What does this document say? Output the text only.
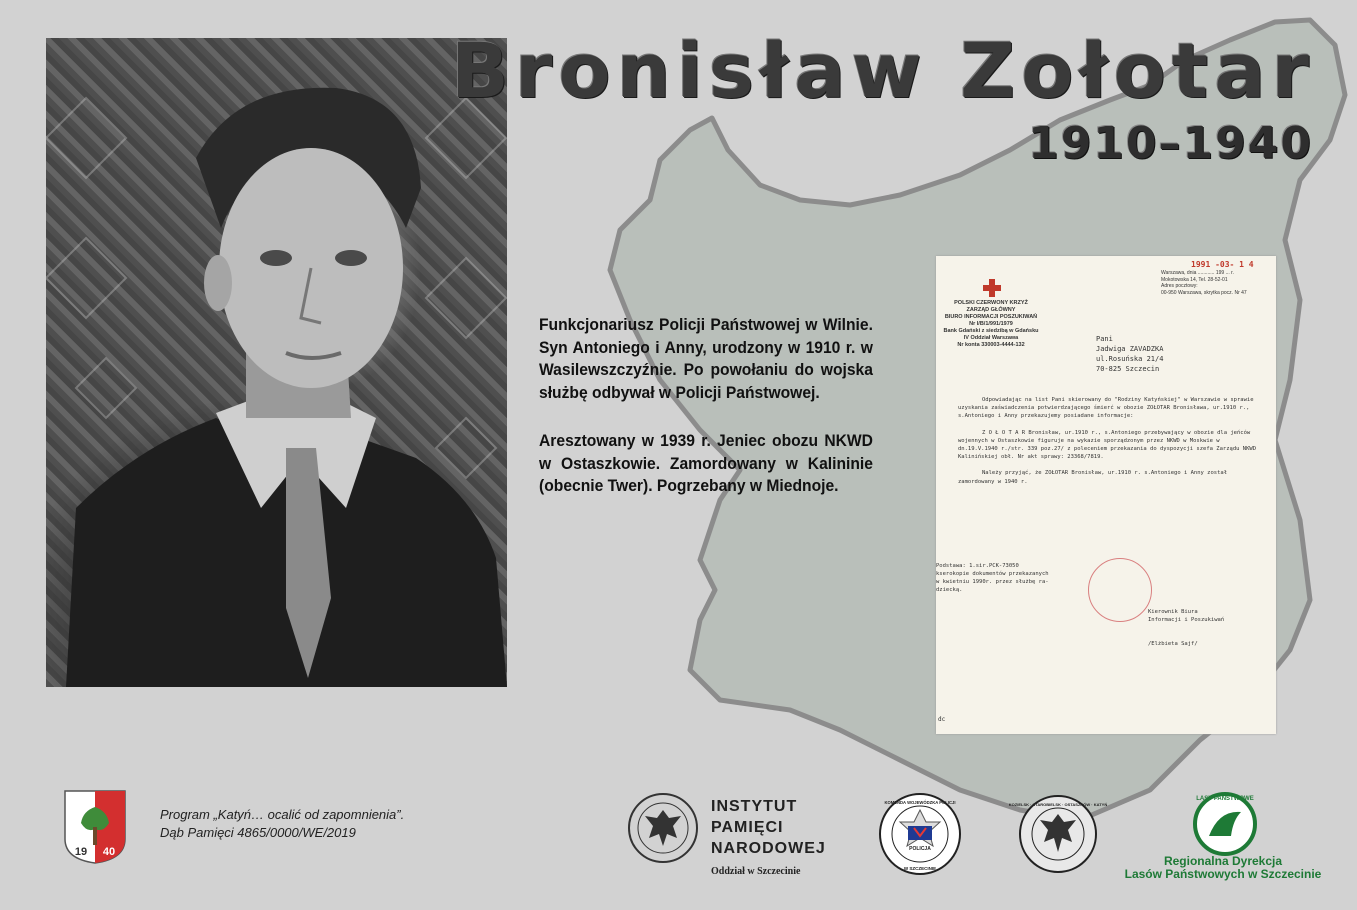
Bronisław Zołotar
1910–1940

Funkcjonariusz Policji Państwowej w Wilnie. Syn Antoniego i Anny, urodzony w 1910 r. w Wasilewszczyźnie. Po powołaniu do wojska służbę odbywał w Policji Państwowej.

Aresztowany w 1939 r. Jeniec obozu NKWD w Ostaszkowie. Zamordowany w Kalininie (obecnie Twer). Pogrzebany w Miednoje.

POLSKI CZERWONY KRZYŻ
ZARZĄD GŁÓWNY
BIURO INFORMACJI POSZUKIWAŃ
Nr I/B/1/991/1979
Bank Gdański z siedzibą w Gdańsku
IV Oddział Warszawa
Nr konta 330003-4444-132
1991 -03- 1 4
Warszawa, dnia ............ 199 ... r.
Mokotowska 14, Tel. 28-52-01
Adres pocztowy:
00-950 Warszawa, skrytka pocz. Nr 47
Pani
Jadwiga ZAVADZKA
ul.Rosuńska 21/4
70-825 Szczecin

Odpowiadając na list Pani skierowany do "Rodziny Katyńskiej" w Warszawie w sprawie uzyskania zaświadczenia potwierdzającego śmierć w obozie ZOŁOTAR Bronisława, ur.1910 r., s.Antoniego i Anny przekazujemy posiadane informacje:

Z O Ł O T A R Bronisław, ur.1910 r., s.Antoniego przebywający w obozie dla jeńców wojennych w Ostaszkowie figuruje na wykazie sporządzonym przez NKWD w Moskwie w dn.19.V.1940 r./str. 339 poz.27/ z poleceniem przekazania do dyspozycji szefa Zarządu NKWD Kalinińskiej obł. Nr akt sprawy: 23368/7819.

Należy przyjąć, że ZOŁOTAR Bronisław, ur.1910 r. s.Antoniego i Anny został zamordowany w 1940 r.

Podstawa: 1.sir.PCK-73050
kserokopie dokumentów przekazanych
w kwietniu 1990r. przez służbę ra-
dziecką.
Kierownik Biura
Informacji i Poszukiwań

/Elżbieta Sajf/
dc
19 40
Program „Katyń… ocalić od zapomnienia”.
Dąb Pamięci 4865/0000/WE/2019
INSTYTUT
PAMIĘCI
NARODOWEJ
Oddział w Szczecinie
POLICJA
KOMENDA WOJEWÓDZKA POLICJI
W SZCZECINIE
KOZIELSK · STAROBIELSK · OSTASZKÓW · KATYŃ
LASY PAŃSTWOWE
Regionalna Dyrekcja
Lasów Państwowych w Szczecinie
